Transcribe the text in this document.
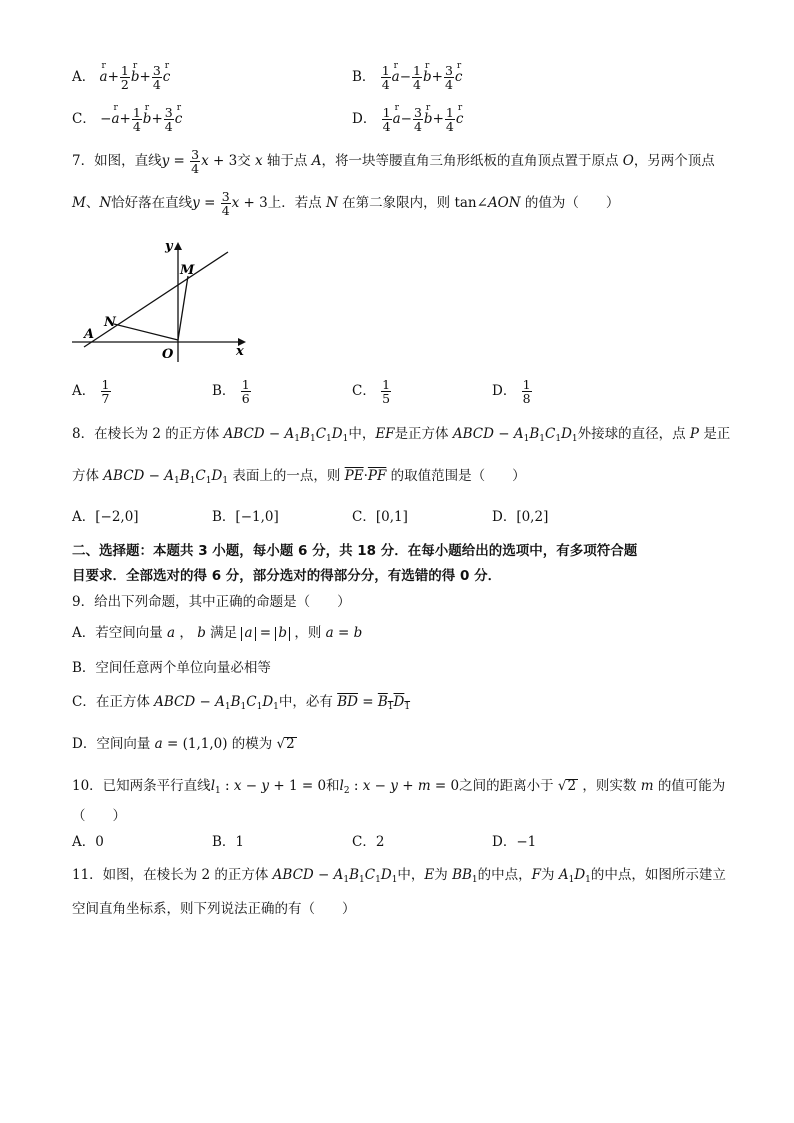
A． r $a+ \frac{1}{2}$ r $b+ \frac{3}{4}$ r c	B． $\frac{1}{4}$ r $a- \frac{1}{4}$ r $b+ \frac{3}{4}$ r c
C． −r $a+ \frac{1}{4}$ r $b+ \frac{3}{4}$ r c	D． $\frac{1}{4}$ r $a- \frac{3}{4}$ r $b+ \frac{1}{4}$ r c
7．如图，直线$y = \frac{3}{4}$ x + 3交 x 轴于点 A，将一块等腰直角三角形纸板的直角顶点置于原点 O，另两个顶点
M、N恰好落在直线$y = \frac{3}{4}$ x + 3上．若点 N 在第二象限内，则 tan∠AON 的值为（　　）
y
x
M
N
A
O
A． $\frac{1}{7}$	B． $\frac{1}{6}$	C． $\frac{1}{5}$	D． $\frac{1}{8}$
8．在棱长为 2 的正方体 ABCD − $A_1B_1C_1D_1$中，EF是正方体 ABCD − $A_1B_1C_1D_1$外接球的直径，点 P 是正
方体 ABCD − $A_1B_1C_1D_1$ 表面上的一点，则 $\overline{PE}\cdot\overline{PF}$ 的取值范围是（　　）
A．[−2,0]	B．[−1,0]	C．[0,1]	D．[0,2]
二、选择题：本题共 3 小题，每小题 6 分，共 18 分．在每小题给出的选项中，有多项符合题
目要求．全部选对的得 6 分，部分选对的得部分分，有选错的得 0 分．
9．给出下列命题，其中正确的命题是（　　）
A．若空间向量 a ， b 满足 a = b ，则 a = b
B．空间任意两个单位向量必相等
C．在正方体 ABCD − $A_1B_1C_1D_1$中，必有 $\overline{BD} = B_1D_1$
D．空间向量 a = (1,1,0) 的模为 √2
10．已知两条平行直线$l_1$ : x − y + 1 = 0和$l_2$ : x − y + m = 0之间的距离小于 √2 ，则实数 m 的值可能为
（　　）
A．0	B．1	C．2	D．−1
11．如图，在棱长为 2 的正方体 ABCD − $A_1B_1C_1D_1$中，E为 $BB_1$的中点，F为 $A_1D_1$的中点，如图所示建立
空间直角坐标系，则下列说法正确的有（　　）
